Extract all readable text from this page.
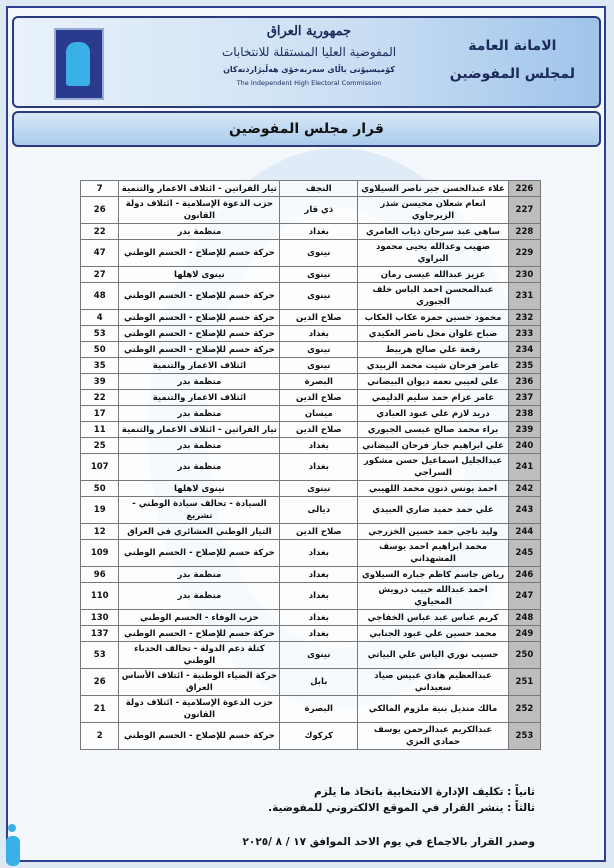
جمهورية العراق
المفوضية العليا المستقلة للانتخابات
کۆمیسیۆنی باڵای سەربەخۆی هەڵبژاردنەکان
The Independent High Electoral Commission
الامانة العامة
لمجلس المفوضين
قرار مجلس المفوضين
226	علاء عبدالحسن جبر ناصر السيلاوي	النجف	تيار الفراتين - ائتلاف الاعمار والتنمية	7
227	انعام شعلان محيسن شذر الزيرجاوي	ذي قار	حزب الدعوة الإسلامية - ائتلاف دولة القانون	26
228	ساهي عبد سرحان ذياب العامري	بغداد	منظمة بدر	22
229	صهيب وعدالله يحيى محمود البراوي	نينوى	حركة حسم للإصلاح - الحسم الوطني	47
230	عزيز عبدالله عيسى رمان	نينوى	نينوى لاهلها	27
231	عبدالمحسن احمد الياس خلف الجبوري	نينوى	حركة حسم للإصلاح - الحسم الوطني	48
232	محمود حسين حمزه عكاب العكاب	صلاح الدين	حركة حسم للإصلاح - الحسم الوطني	4
233	صباح علوان محل ناصر العكيدي	بغداد	حركة حسم للإصلاح - الحسم الوطني	53
234	رفعة علي صالح هربيط	نينوى	حركة حسم للإصلاح - الحسم الوطني	50
235	عامر فرحان شيت محمد الزبيدي	نينوى	ائتلاف الاعمار والتنمية	35
236	علي لعيبي نعمه ديوان البيضاني	البصرة	منظمة بدر	39
237	عامر عزام حمد سليم الدليمي	صلاح الدين	ائتلاف الاعمار والتنمية	22
238	دريد لازم علي عبود العبادي	ميسان	منظمة بدر	17
239	براء محمد صالح عيسى الجبوري	صلاح الدين	تيار الفراتين - ائتلاف الاعمار والتنمية	11
240	علي ابراهيم جبار فرحان البيضاني	بغداد	منظمة بدر	25
241	عبدالجليل اسماعيل حسن مشكور السراجي	بغداد	منظمة بدر	107
242	احمد يونس ذنون محمد اللهيبي	نينوى	نينوى لاهلها	50
243	علي حمد حميد ضاري العبيدي	ديالى	السيادة - تحالف سيادة الوطني - تشريع	19
244	وليد ناجي حمد حسين الخزرجي	صلاح الدين	التيار الوطني العشائري في العراق	12
245	محمد ابراهيم احمد يوسف المشهداني	بغداد	حركة حسم للإصلاح - الحسم الوطني	109
246	رياض جاسم كاظم جباره السيلاوي	بغداد	منظمة بدر	96
247	احمد عبدالله حبيب درويش المحياوي	بغداد	منظمة بدر	110
248	كريم عباس عبد عباس الخفاجي	بغداد	حزب الوفاء - الحسم الوطني	130
249	محمد حسين علي عبود الجنابي	بغداد	حركة حسم للإصلاح - الحسم الوطني	137
250	حسيب نوري الياس علي البياتي	نينوى	كتلة دعم الدولة - تحالف الحدباء الوطني	53
251	عبدالعظيم هادي عبيس صياد سعيداني	بابل	حركة الضياء الوطنية - ائتلاف الأساس العراق	26
252	مالك منديل بنية ملزوم المالكي	البصرة	حزب الدعوة الإسلامية - ائتلاف دولة القانون	21
253	عبدالكريم عبدالرحمن يوسف حمادي العزي	كركوك	حركة حسم للإصلاح - الحسم الوطني	2
ثانياً : تكليف الإدارة الانتخابية باتخاذ ما يلزم
ثالثاً : ينشر القرار في الموقع الالكتروني للمفوضية.
وصدر القرار بالاجماع في يوم الاحد الموافق ١٧ / ٨ /٢٠٢٥
